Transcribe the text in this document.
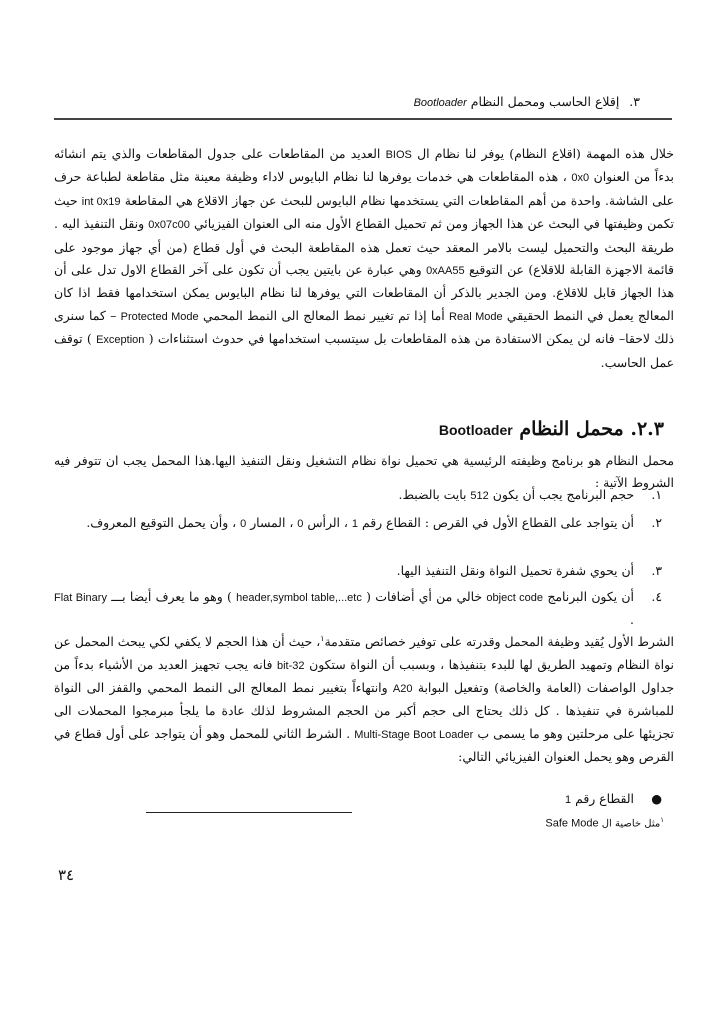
٣. إقلاع الحاسب ومحمل النظام Bootloader

خلال هذه المهمة (اقلاع النظام) يوفر لنا نظام ال BIOS العديد من المقاطعات على جدول المقاطعات والذي يتم انشائه بدءاً من العنوان 0x0 ، هذه المقاطعات هي خدمات يوفرها لنا نظام البايوس لاداء وظيفة معينة مثل مقاطعة لطباعة حرف على الشاشة. واحدة من أهم المقاطعات التي يستخدمها نظام البايوس للبحث عن جهاز الاقلاع هي المقاطعة int 0x19 حيث تكمن وظيفتها في البحث عن هذا الجهاز ومن ثم تحميل القطاع الأول منه الى العنوان الفيزيائي 0x07c00 ونقل التنفيذ اليه . طريقة البحث والتحميل ليست بالامر المعقد حيث تعمل هذه المقاطعة البحث في أول قطاع (من أي جهاز موجود على قائمة الاجهزة القابلة للاقلاع) عن التوقيع 0xAA55 وهي عبارة عن بايتين يجب أن تكون على آخر القطاع الاول تدل على أن هذا الجهاز قابل للاقلاع. ومن الجدير بالذكر أن المقاطعات التي يوفرها لنا نظام البايوس يمكن استخدامها فقط اذا كان المعالج يعمل في النمط الحقيقي Real Mode أما إذا تم تغيير نمط المعالج الى النمط المحمي Protected Mode – كما سنرى ذلك لاحقا– فانه لن يمكن الاستفادة من هذه المقاطعات بل سيتسبب استخدامها في حدوث استثناءات ( Exception ) توقف عمل الحاسب.

٢.٣. محمل النظام Bootloader

محمل النظام هو برنامج وظيفته الرئيسية هي تحميل نواة نظام التشغيل ونقل التنفيذ اليها.هذا المحمل يجب ان تتوفر فيه الشروط الآتية :

١.
حجم البرنامج يجب أن يكون 512 بايت بالضبط.
٢.
أن يتواجد على القطاع الأول في القرص : القطاع رقم 1 ، الرأس 0 ، المسار 0 ، وأن يحمل التوقيع المعروف.
٣.
أن يحوي شفرة تحميل النواة ونقل التنفيذ اليها.
٤.
أن يكون البرنامج object code خالي من أي أضافات ( header,symbol table,...etc ) وهو ما يعرف أيضا بـــ Flat Binary .

الشرط الأول يُقيد وظيفة المحمل وقدرته على توفير خصائص متقدمة$^١$، حيث أن هذا الحجم لا يكفي لكي يبحث المحمل عن نواة النظام وتمهيد الطريق لها للبدء بتنفيذها ، وبسبب أن النواة ستكون 32-bit فانه يجب تجهيز العديد من الأشياء بدءاً من جداول الواصفات (العامة والخاصة) وتفعيل البوابة A20 وانتهاءاً بتغيير نمط المعالج الى النمط المحمي والقفز الى النواة للمباشرة في تنفيذها . كل ذلك يحتاج الى حجم أكبر من الحجم المشروط لذلك عادة ما يلجأ مبرمجوا المحملات الى تجزيئها على مرحلتين وهو ما يسمى ب Multi-Stage Boot Loader . الشرط الثاني للمحمل وهو أن يتواجد على أول قطاع في القرص وهو يحمل العنوان الفيزيائي التالي:

●
القطاع رقم 1
$^١$مثل خاصية ال Safe Mode
٣٤
